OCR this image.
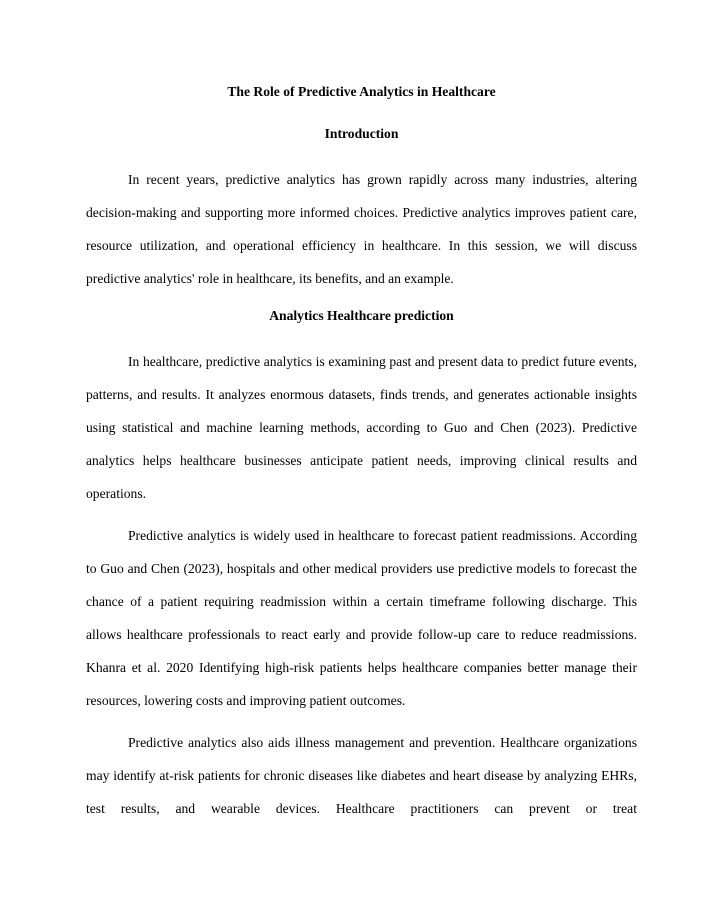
The Role of Predictive Analytics in Healthcare
Introduction

In recent years, predictive analytics has grown rapidly across many industries, altering decision-making and supporting more informed choices. Predictive analytics improves patient care, resource utilization, and operational efficiency in healthcare. In this session, we will discuss predictive analytics' role in healthcare, its benefits, and an example.

Analytics Healthcare prediction

In healthcare, predictive analytics is examining past and present data to predict future events, patterns, and results. It analyzes enormous datasets, finds trends, and generates actionable insights using statistical and machine learning methods, according to Guo and Chen (2023). Predictive analytics helps healthcare businesses anticipate patient needs, improving clinical results and operations.

Predictive analytics is widely used in healthcare to forecast patient readmissions. According to Guo and Chen (2023), hospitals and other medical providers use predictive models to forecast the chance of a patient requiring readmission within a certain timeframe following discharge. This allows healthcare professionals to react early and provide follow-up care to reduce readmissions. Khanra et al. 2020 Identifying high-risk patients helps healthcare companies better manage their resources, lowering costs and improving patient outcomes.

Predictive analytics also aids illness management and prevention. Healthcare organizations may identify at-risk patients for chronic diseases like diabetes and heart disease by analyzing EHRs, test results, and wearable devices. Healthcare practitioners can prevent or treat
